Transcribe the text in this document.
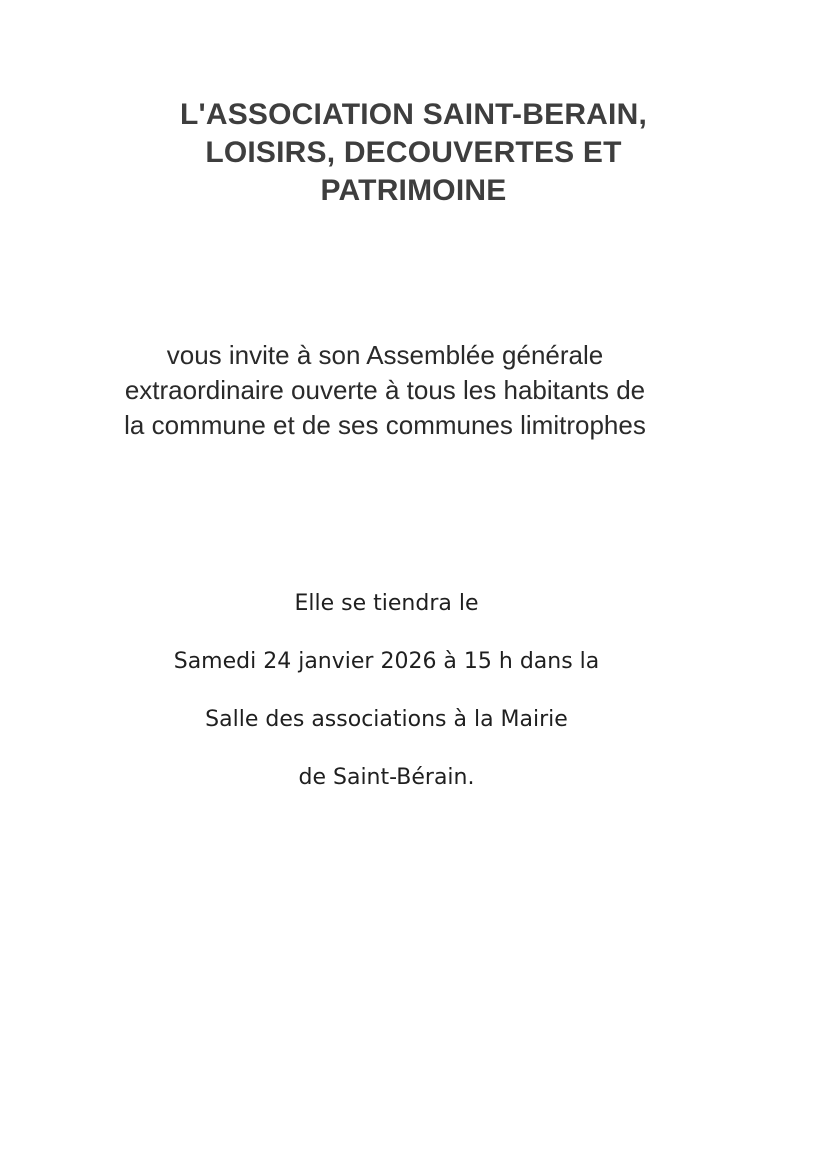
L'ASSOCIATION SAINT-BERAIN,
LOISIRS, DECOUVERTES ET
PATRIMOINE

vous invite à son Assemblée générale
extraordinaire ouverte à tous les habitants de
la commune et de ses communes limitrophes

Elle se tiendra le
Samedi 24 janvier 2026 à 15 h dans la
Salle des associations à la Mairie
de Saint-Bérain.
